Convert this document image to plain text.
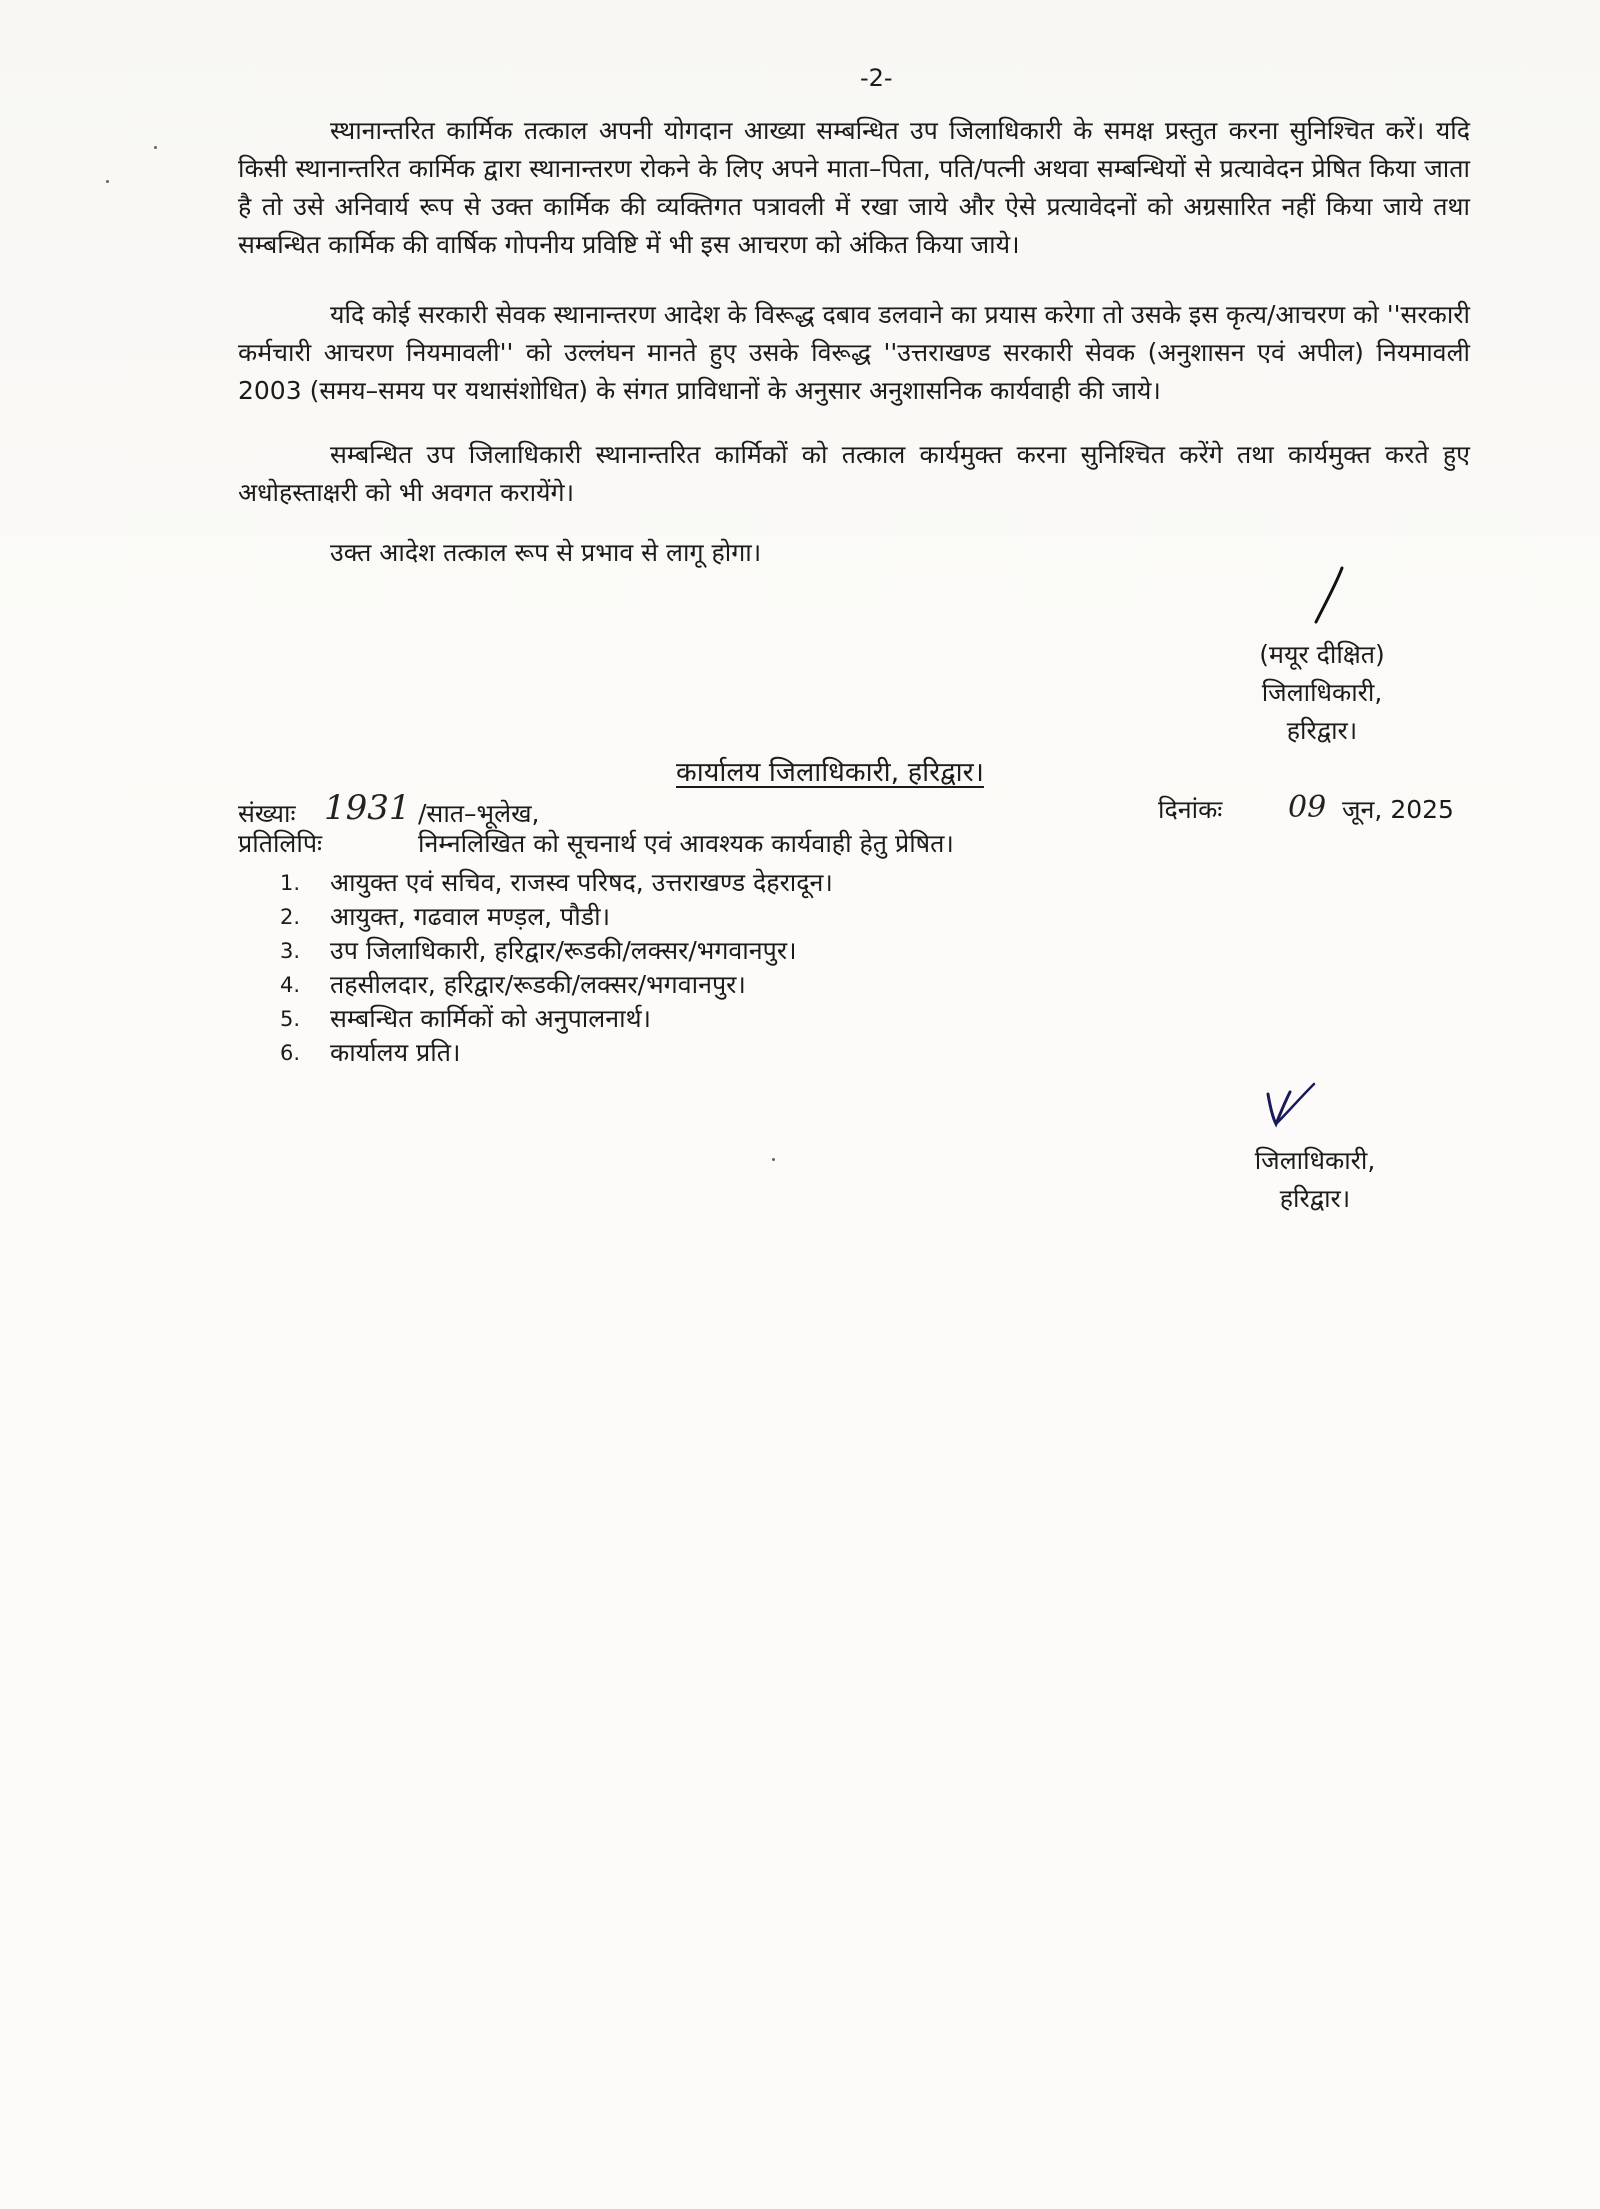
-2-

स्थानान्तरित कार्मिक तत्काल अपनी योगदान आख्या सम्बन्धित उप जिलाधिकारी के समक्ष प्रस्तुत करना सुनिश्चित करें। यदि किसी स्थानान्तरित कार्मिक द्वारा स्थानान्तरण रोकने के लिए अपने माता–पिता, पति/पत्नी अथवा सम्बन्धियों से प्रत्यावेदन प्रेषित किया जाता है तो उसे अनिवार्य रूप से उक्त कार्मिक की व्यक्तिगत पत्रावली में रखा जाये और ऐसे प्रत्यावेदनों को अग्रसारित नहीं किया जाये तथा सम्बन्धित कार्मिक की वार्षिक गोपनीय प्रविष्टि में भी इस आचरण को अंकित किया जाये।

यदि कोई सरकारी सेवक स्थानान्तरण आदेश के विरूद्ध दबाव डलवाने का प्रयास करेगा तो उसके इस कृत्य/आचरण को ''सरकारी कर्मचारी आचरण नियमावली'' को उल्लंघन मानते हुए उसके विरूद्ध ''उत्तराखण्ड सरकारी सेवक (अनुशासन एवं अपील) नियमावली 2003 (समय–समय पर यथासंशोधित) के संगत प्राविधानों के अनुसार अनुशासनिक कार्यवाही की जाये।

सम्बन्धित उप जिलाधिकारी स्थानान्तरित कार्मिकों को तत्काल कार्यमुक्त करना सुनिश्चित करेंगे तथा कार्यमुक्त करते हुए अधोहस्ताक्षरी को भी अवगत करायेंगे।

उक्त आदेश तत्काल रूप से प्रभाव से लागू होगा।

(मयूर दीक्षित)
जिलाधिकारी,
हरिद्वार।
कार्यालय जिलाधिकारी, हरिद्वार।
संख्याः 1931 /सात–भूलेख,	दिनांकः 09 जून, 2025
प्रतिलिपिः	निम्नलिखित को सूचनार्थ एवं आवश्यक कार्यवाही हेतु प्रेषित।
1. आयुक्त एवं सचिव, राजस्व परिषद, उत्तराखण्ड देहरादून।
2. आयुक्त, गढवाल मण्ड़ल, पौडी।
3. उप जिलाधिकारी, हरिद्वार/रूडकी/लक्सर/भगवानपुर।
4. तहसीलदार, हरिद्वार/रूडकी/लक्सर/भगवानपुर।
5. सम्बन्धित कार्मिकों को अनुपालनार्थ।
6. कार्यालय प्रति।
जिलाधिकारी,
हरिद्वार।
